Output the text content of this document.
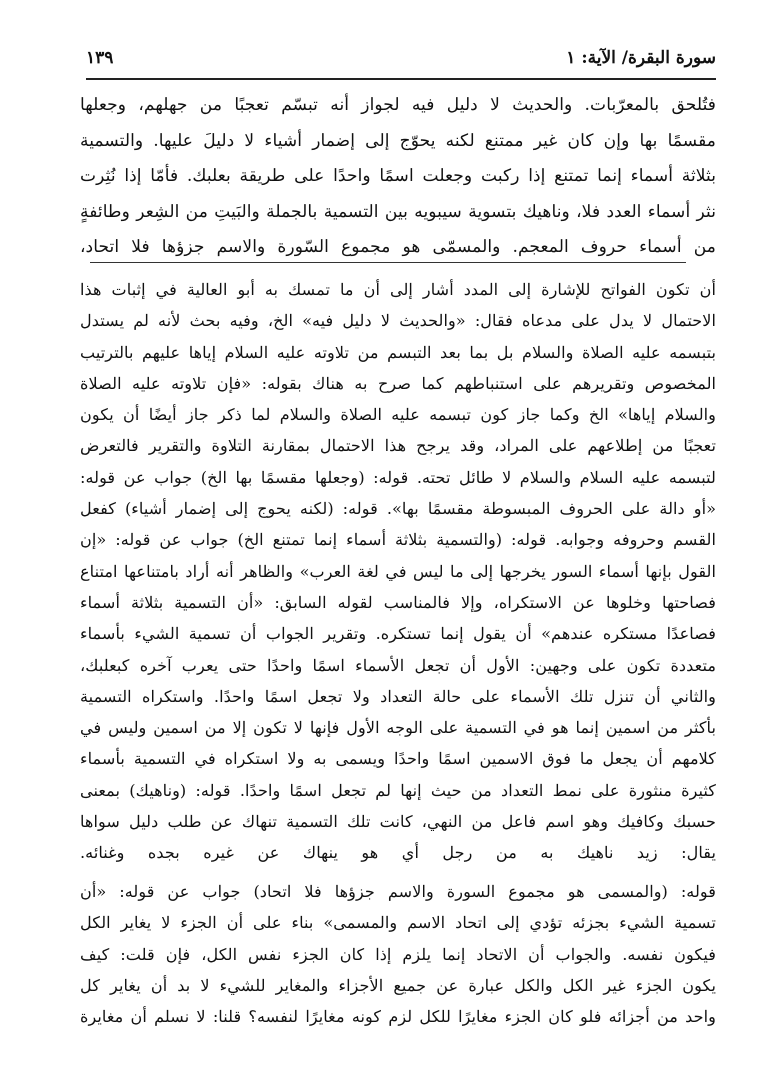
سورة البقرة/ الآية: ١
١٣٩
فتُلحق بالمعرّبات. والحديث لا دليل فيه لجواز أنه تبسّم تعجبًا من جهلهم، وجعلها
مقسمًا بها وإن كان غير ممتنع لكنه يحوّج إلى إضمار أشياء لا دليلَ عليها. والتسمية
بثلاثة أسماء إنما تمتنع إذا ركبت وجعلت اسمًا واحدًا على طريقة بعلبك. فأمّا إذا نُثِرت
نثر أسماء العدد فلا، وناهيك بتسوية سيبويه بين التسمية بالجملة والبَيتِ من الشِعر وطائفةٍ
من أسماء حروف المعجم. والمسمّى هو مجموع السّورة والاسم جزؤها فلا اتحاد،
أن تكون الفواتح للإشارة إلى المدد أشار إلى أن ما تمسك به أبو العالية في إثبات هذا
الاحتمال لا يدل على مدعاه فقال: «والحديث لا دليل فيه» الخ، وفيه بحث لأنه لم يستدل
بتبسمه عليه الصلاة والسلام بل بما بعد التبسم من تلاوته عليه السلام إياها عليهم بالترتيب
المخصوص وتقريرهم على استنباطهم كما صرح به هناك بقوله: «فإن تلاوته عليه الصلاة
والسلام إياها» الخ وكما جاز كون تبسمه عليه الصلاة والسلام لما ذكر جاز أيضًا أن يكون
تعجبًا من إطلاعهم على المراد، وقد يرجح هذا الاحتمال بمقارنة التلاوة والتقرير فالتعرض
لتبسمه عليه السلام والسلام لا طائل تحته. قوله: (وجعلها مقسمًا بها الخ) جواب عن قوله:
«أو دالة على الحروف المبسوطة مقسمًا بها». قوله: (لكنه يحوج إلى إضمار أشياء) كفعل
القسم وحروفه وجوابه. قوله: (والتسمية بثلاثة أسماء إنما تمتنع الخ) جواب عن قوله: «إن
القول بإنها أسماء السور يخرجها إلى ما ليس في لغة العرب» والظاهر أنه أراد بامتناعها امتناع
فصاحتها وخلوها عن الاستكراه، وإلا فالمناسب لقوله السابق: «أن التسمية بثلاثة أسماء
فصاعدًا مستكره عندهم» أن يقول إنما تستكره. وتقرير الجواب أن تسمية الشيء بأسماء
متعددة تكون على وجهين: الأول أن تجعل الأسماء اسمًا واحدًا حتى يعرب آخره كبعلبك،
والثاني أن تنزل تلك الأسماء على حالة التعداد ولا تجعل اسمًا واحدًا. واستكراه التسمية
بأكثر من اسمين إنما هو في التسمية على الوجه الأول فإنها لا تكون إلا من اسمين وليس في
كلامهم أن يجعل ما فوق الاسمين اسمًا واحدًا ويسمى به ولا استكراه في التسمية بأسماء
كثيرة منثورة على نمط التعداد من حيث إنها لم تجعل اسمًا واحدًا. قوله: (وناهيك) بمعنى
حسبك وكافيك وهو اسم فاعل من النهي، كانت تلك التسمية تنهاك عن طلب دليل سواها
يقال: زيد ناهيك به من رجل أي هو ينهاك عن غيره بجده وغنائه.
قوله: (والمسمى هو مجموع السورة والاسم جزؤها فلا اتحاد) جواب عن قوله: «أن
تسمية الشيء بجزئه تؤدي إلى اتحاد الاسم والمسمى» بناء على أن الجزء لا يغاير الكل
فيكون نفسه. والجواب أن الاتحاد إنما يلزم إذا كان الجزء نفس الكل، فإن قلت: كيف
يكون الجزء غير الكل والكل عبارة عن جميع الأجزاء والمغاير للشيء لا بد أن يغاير كل
واحد من أجزائه فلو كان الجزء مغايرًا للكل لزم كونه مغايرًا لنفسه؟ قلنا: لا نسلم أن مغايرة
